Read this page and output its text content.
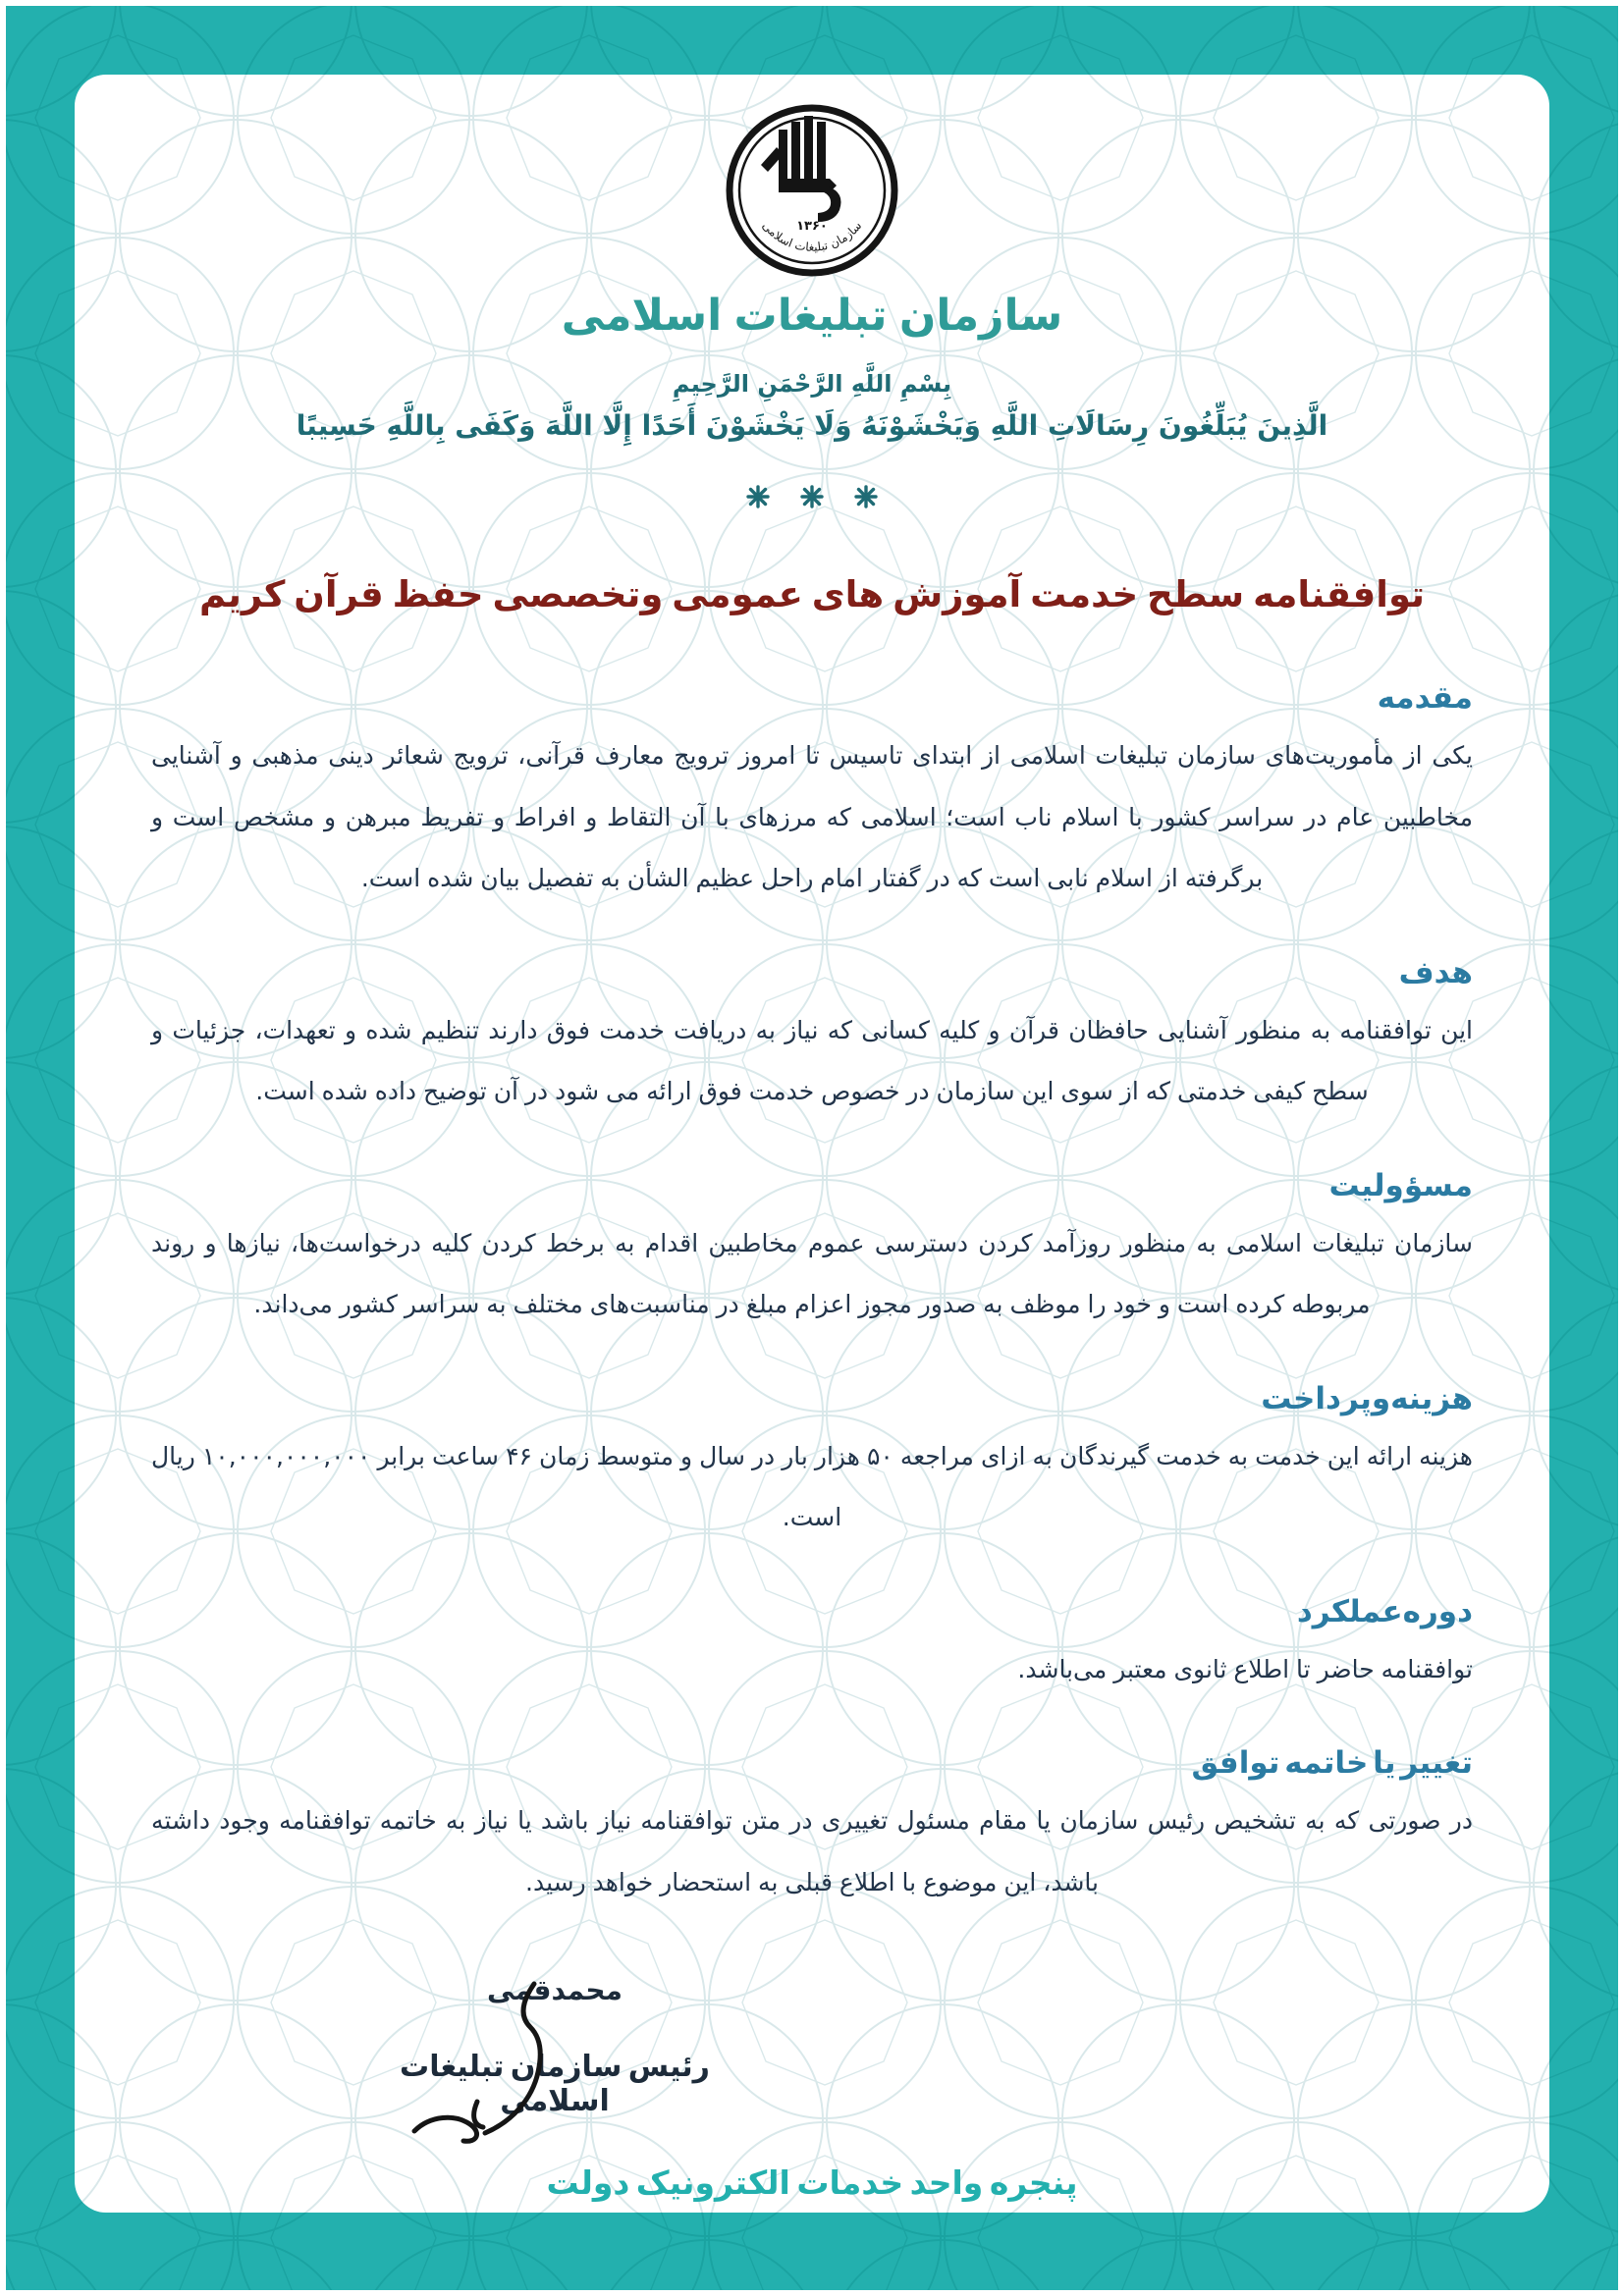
۱۳۶۰
سازمان تبلیغات اسلامی
سازمان تبلیغات اسلامی
بِسْمِ اللَّهِ الرَّحْمَنِ الرَّحِيمِ
الَّذِينَ يُبَلِّغُونَ رِسَالَاتِ اللَّهِ وَيَخْشَوْنَهُ وَلَا يَخْشَوْنَ أَحَدًا إِلَّا اللَّهَ وَكَفَى بِاللَّهِ حَسِيبًا
توافقنامه سطح خدمت آموزش های عمومی وتخصصی حفظ قرآن کریم
مقدمه

یکی از مأموریت‌های سازمان تبلیغات اسلامی از ابتدای تاسیس تا امروز ترویج معارف قرآنی، ترویج شعائر دینی مذهبی و آشنایی مخاطبین عام در سراسر کشور با اسلام ناب است؛ اسلامی که مرزهای با آن التقاط و افراط و تفریط مبرهن و مشخص است و برگرفته از اسلام نابی است که در گفتار امام راحل عظیم الشأن به تفصیل بیان شده است.

هدف

این توافقنامه به منظور آشنایی حافظان قرآن و کلیه کسانی که نیاز به دریافت خدمت فوق دارند تنظیم شده و تعهدات، جزئیات و سطح کیفی خدمتی که از سوی این سازمان در خصوص خدمت فوق ارائه می شود در آن توضیح داده شده است.

مسؤولیت

سازمان تبلیغات اسلامی به منظور روزآمد کردن دسترسی عموم مخاطبین اقدام به برخط کردن کلیه درخواست‌ها، نیازها و روند مربوطه کرده است و خود را موظف به صدور مجوز اعزام مبلغ در مناسبت‌های مختلف به سراسر کشور می‌داند.

هزینه‌وپرداخت

هزینه ارائه این خدمت به خدمت گیرندگان به ازای مراجعه ۵۰ هزار بار در سال و متوسط زمان ۴۶ ساعت برابر ۱۰,۰۰۰,۰۰۰,۰۰۰ ریال است.

دوره‌عملکرد

توافقنامه حاضر تا اطلاع ثانوی معتبر می‌باشد.

تغییر یا خاتمه توافق

در صورتی که به تشخیص رئیس سازمان یا مقام مسئول تغییری در متن توافقنامه نیاز باشد یا نیاز به خاتمه توافقنامه وجود داشته باشد، این موضوع با اطلاع قبلی به استحضار خواهد رسید.

محمدقمی

رئیس سازمان تبلیغات اسلامی

پنجره واحد خدمات الکترونیک دولت
